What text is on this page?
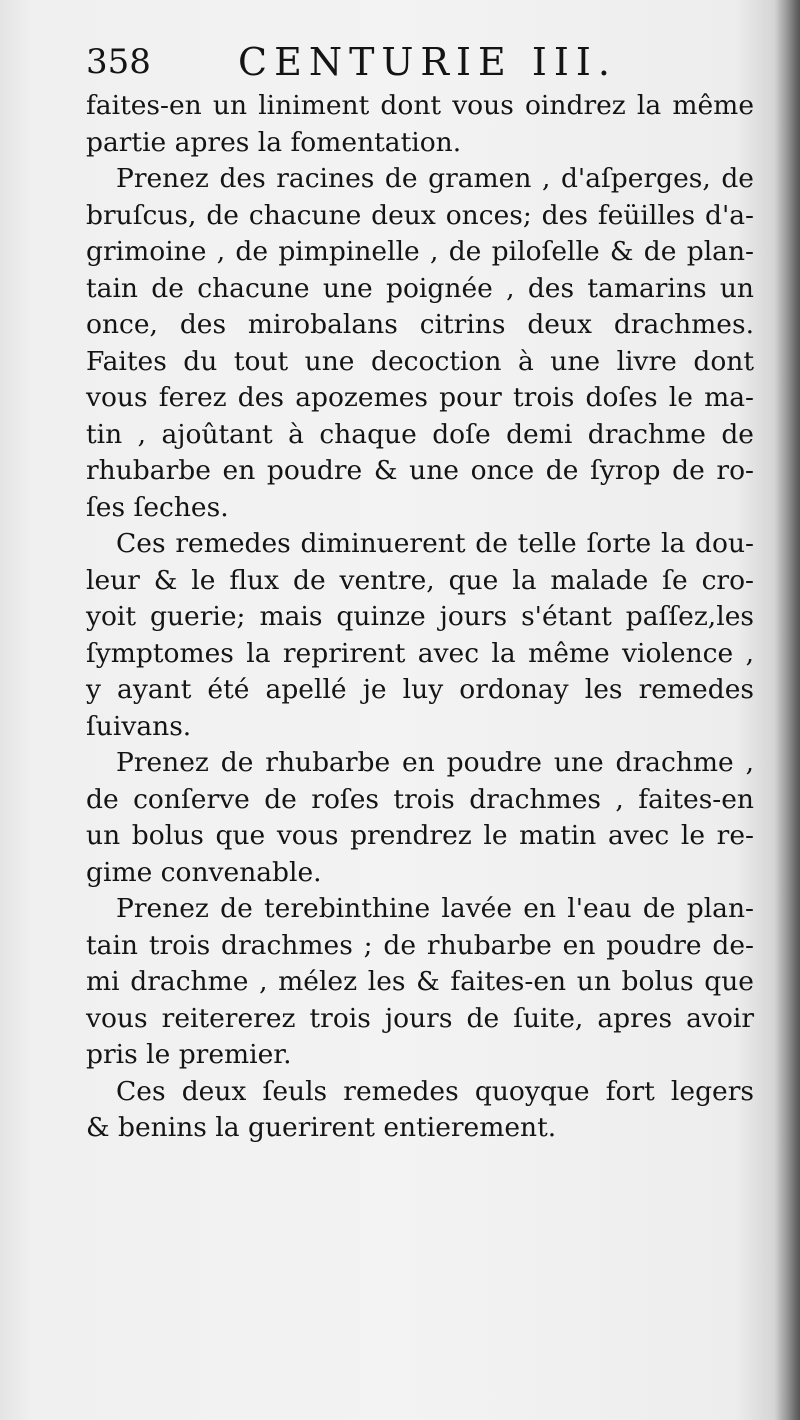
358 CENTURIE III.
faites-en un liniment dont vous oindrez la même
partie apres la fomentation.
Prenez des racines de gramen , d'aſperges, de
bruſcus, de chacune deux onces; des feüilles d'a-
grimoine , de pimpinelle , de piloſelle & de plan-
tain de chacune une poignée , des tamarins un
once, des mirobalans citrins deux drachmes.
Faites du tout une decoction à une livre dont
vous ferez des apozemes pour trois doſes le ma-
tin , ajoûtant à chaque doſe demi drachme de
rhubarbe en poudre & une once de ſyrop de ro-
ſes ſeches.
Ces remedes diminuerent de telle ſorte la dou-
leur & le flux de ventre, que la malade ſe cro-
yoit guerie; mais quinze jours s'étant paſſez,les
ſymptomes la reprirent avec la même violence ,
y ayant été apellé je luy ordonay les remedes
ſuivans.
Prenez de rhubarbe en poudre une drachme ,
de conſerve de roſes trois drachmes , faites-en
un bolus que vous prendrez le matin avec le re-
gime convenable.
Prenez de terebinthine lavée en l'eau de plan-
tain trois drachmes ; de rhubarbe en poudre de-
mi drachme , mélez les & faites-en un bolus que
vous reitererez trois jours de ſuite, apres avoir
pris le premier.
Ces deux ſeuls remedes quoyque fort legers
& benins la guerirent entierement.
